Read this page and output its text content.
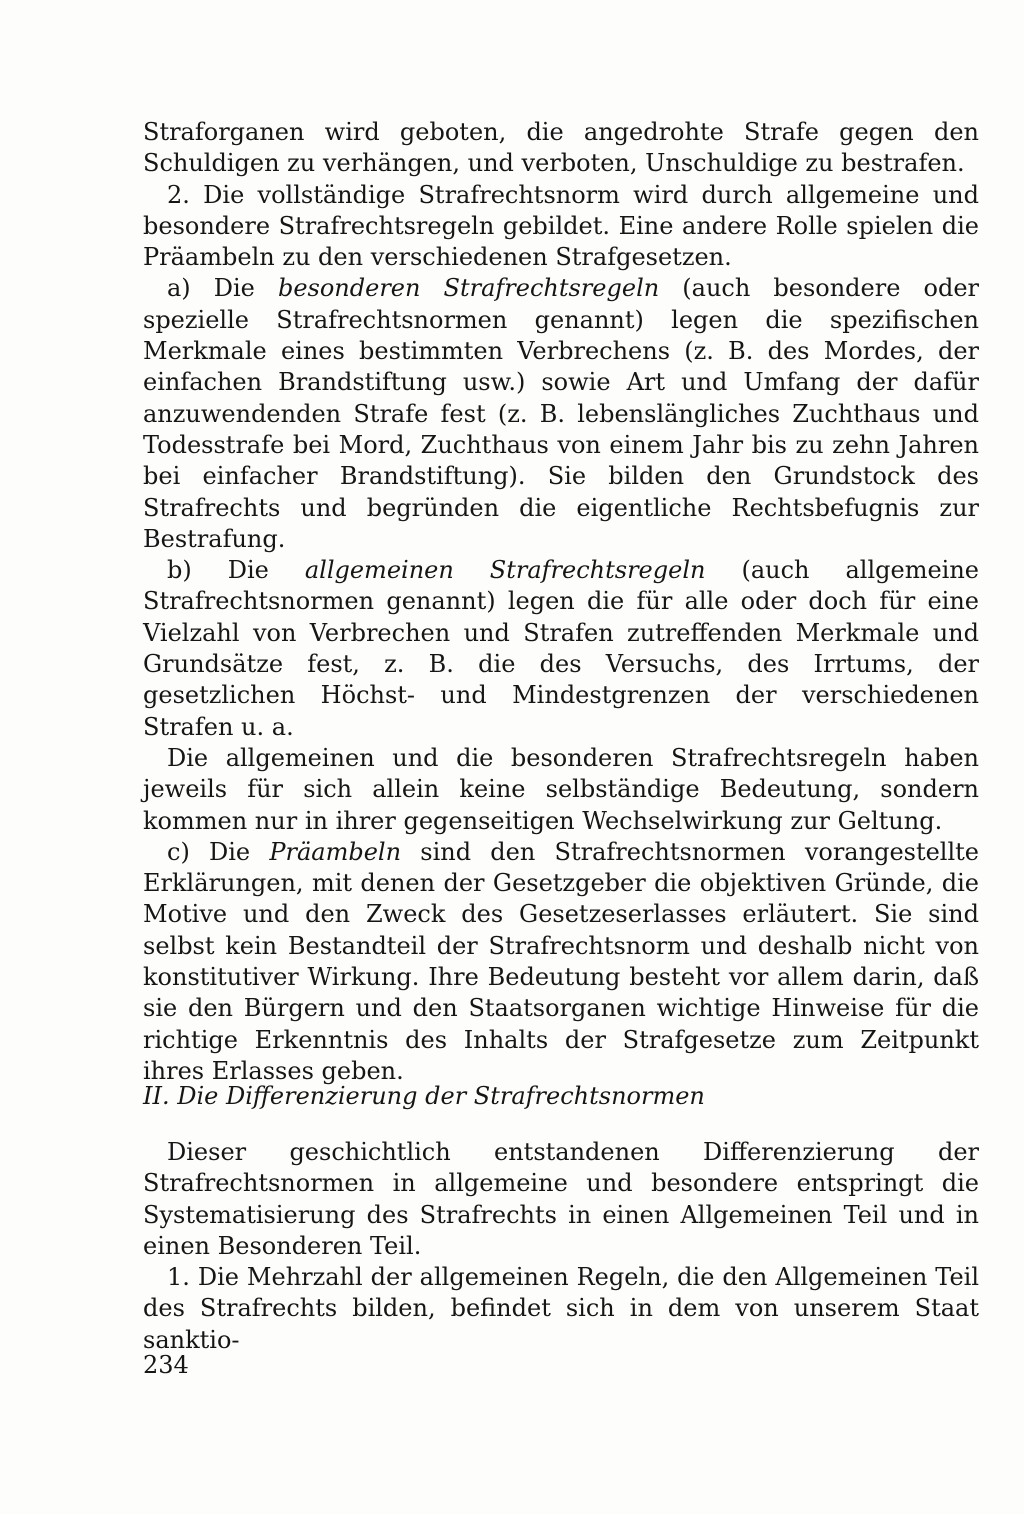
Straforganen wird geboten, die angedrohte Strafe gegen den Schuldigen zu verhängen, und verboten, Unschuldige zu bestrafen.

2. Die vollständige Strafrechtsnorm wird durch allgemeine und besondere Strafrechtsregeln gebildet. Eine andere Rolle spielen die Präambeln zu den verschiedenen Strafgesetzen.

a) Die besonderen Strafrechtsregeln (auch besondere oder spezielle Strafrechtsnormen genannt) legen die spezifischen Merkmale eines bestimmten Verbrechens (z. B. des Mordes, der einfachen Brandstiftung usw.) sowie Art und Umfang der dafür anzuwendenden Strafe fest (z. B. lebenslängliches Zuchthaus und Todesstrafe bei Mord, Zuchthaus von einem Jahr bis zu zehn Jahren bei einfacher Brandstiftung). Sie bilden den Grundstock des Strafrechts und begründen die eigentliche Rechtsbefugnis zur Bestrafung.

b) Die allgemeinen Strafrechtsregeln (auch allgemeine Strafrechtsnormen genannt) legen die für alle oder doch für eine Vielzahl von Verbrechen und Strafen zutreffenden Merkmale und Grundsätze fest, z. B. die des Versuchs, des Irrtums, der gesetzlichen Höchst- und Mindestgrenzen der verschiedenen Strafen u. a.

Die allgemeinen und die besonderen Strafrechtsregeln haben jeweils für sich allein keine selbständige Bedeutung, sondern kommen nur in ihrer gegenseitigen Wechselwirkung zur Geltung.

c) Die Präambeln sind den Strafrechtsnormen vorangestellte Erklärungen, mit denen der Gesetzgeber die objektiven Gründe, die Motive und den Zweck des Gesetzeserlasses erläutert. Sie sind selbst kein Bestandteil der Strafrechtsnorm und deshalb nicht von konstitutiver Wirkung. Ihre Bedeutung besteht vor allem darin, daß sie den Bürgern und den Staatsorganen wichtige Hinweise für die richtige Erkenntnis des Inhalts der Strafgesetze zum Zeitpunkt ihres Erlasses geben.

II. Die Differenzierung der Strafrechtsnormen

Dieser geschichtlich entstandenen Differenzierung der Strafrechtsnormen in allgemeine und besondere entspringt die Systematisierung des Strafrechts in einen Allgemeinen Teil und in einen Besonderen Teil.

1. Die Mehrzahl der allgemeinen Regeln, die den Allgemeinen Teil des Strafrechts bilden, befindet sich in dem von unserem Staat sanktio-

234
